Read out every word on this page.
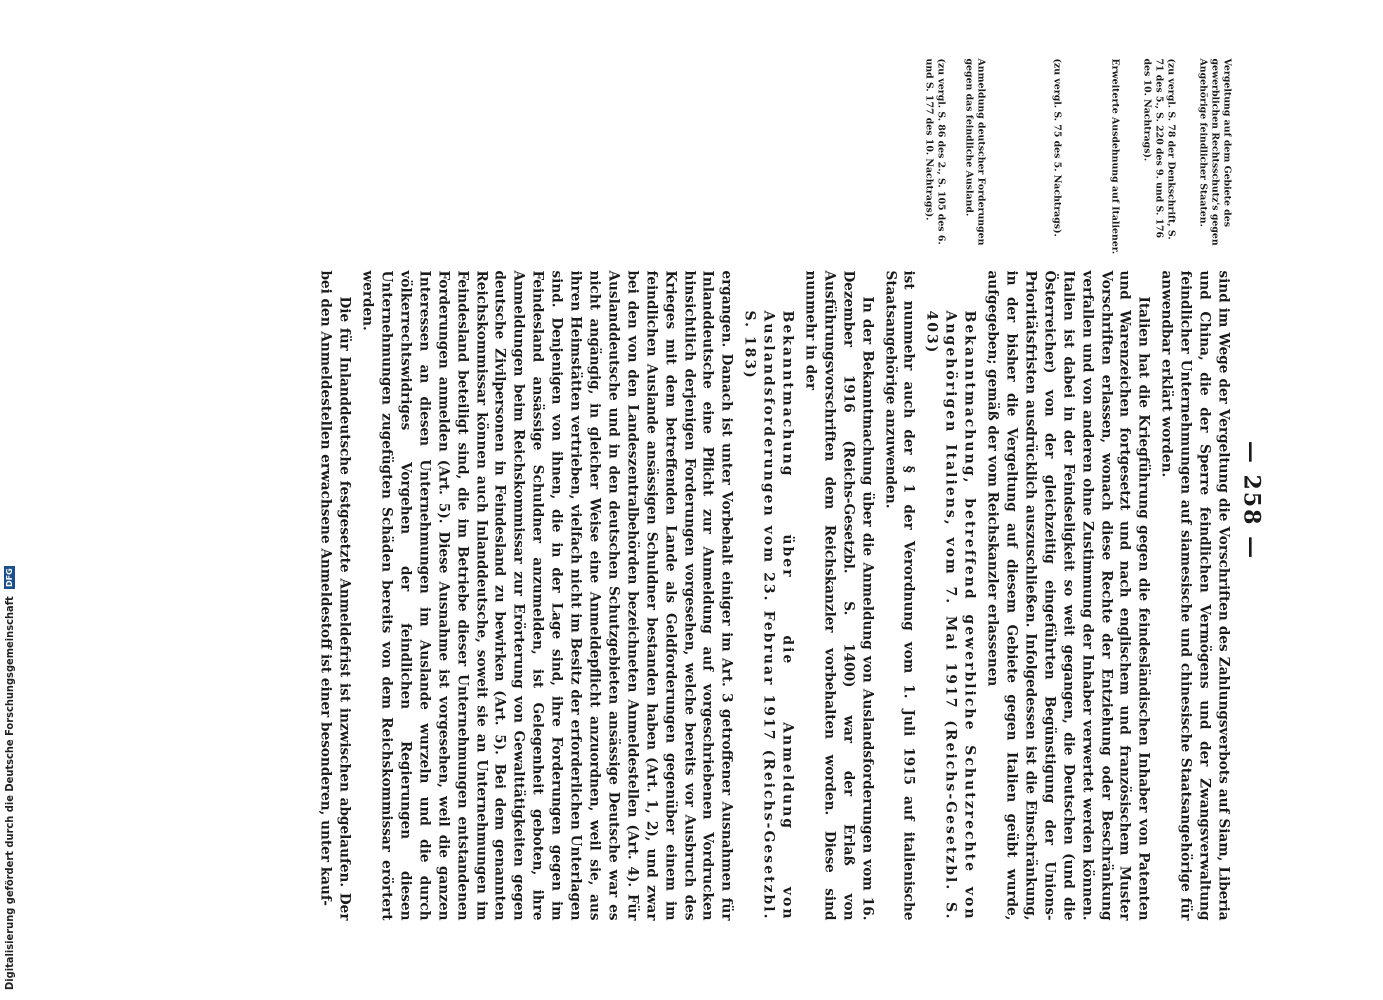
— 258 —

Vergeltung auf dem Gebiete des gewerblichen Rechtsschutz's gegen Angehörige feindlicher Staaten.

(zu vergl. S. 78 der Denkschrift, S. 71 des 5., S. 220 des 9. und S. 176 des 10. Nachtrags).

Erweiterte Ausdehnung auf Italiener.

(zu vergl. S. 75 des 5. Nachtrags).

Anmeldung deutscher Forderungen gegen das feindliche Ausland.

(zu vergl. S. 86 des 2., S. 105 des 6. und S. 177 des 10. Nachtrags).

sind im Wege der Vergeltung die Vorschriften des Zahlungsverbots auf Siam, Liberia und China, die der Sperre feindlichen Vermögens und der Zwangsverwaltung feindlicher Unternehmungen auf siamesische und chinesische Staatsangehörige für anwendbar erklärt worden.

Italien hat die Kriegführung gegen die feindesländischen Inhaber von Patenten und Warenzeichen fortgesetzt und nach englischem und französischem Muster Vorschriften erlassen, wonach diese Rechte der Entziehung oder Beschränkung verfallen und von anderen ohne Zustimmung der Inhaber verwertet werden können. Italien ist dabei in der Feindseligkeit so weit gegangen, die Deutschen (und die Österreicher) von der gleichzeitig eingeführten Begünstigung der Unions-Prioritätsfristen ausdrücklich auszuschließen. Infolgedessen ist die Einschränkung, in der bisher die Vergeltung auf diesem Gebiete gegen Italien geübt wurde, aufgegeben; gemäß der vom Reichskanzler erlassenen

Bekanntmachung, betreffend gewerbliche Schutzrechte von Angehörigen Italiens, vom 7. Mai 1917 (Reichs-Gesetzbl. S. 403)

ist nunmehr auch der § 1 der Verordnung vom 1. Juli 1915 auf italienische Staatsangehörige anzuwenden.

In der Bekanntmachung über die Anmeldung von Auslandsforderungen vom 16. Dezember 1916 (Reichs-Gesetzbl. S. 1400) war der Erlaß von Ausführungsvorschriften dem Reichskanzler vorbehalten worden. Diese sind nunmehr in der

Bekanntmachung über die Anmeldung von Auslandsforderungen vom 23. Februar 1917 (Reichs-Gesetzbl. S. 183)

ergangen. Danach ist unter Vorbehalt einiger im Art. 3 getroffener Ausnahmen für Inlanddeutsche eine Pflicht zur Anmeldung auf vorgeschriebenen Vordrucken hinsichtlich derjenigen Forderungen vorgesehen, welche bereits vor Ausbruch des Krieges mit dem betreffenden Lande als Geldforderungen gegenüber einem im feindlichen Auslande ansässigen Schuldner bestanden haben (Art. 1, 2), und zwar bei den von den Landeszentralbehörden bezeichneten Anmeldestellen (Art. 4). Für Auslanddeutsche und in den deutschen Schutzgebieten ansässige Deutsche war es nicht angängig, in gleicher Weise eine Anmeldepflicht anzuordnen, weil sie, aus ihren Heimstätten vertrieben, vielfach nicht im Besitz der erforderlichen Unterlagen sind. Denjenigen von ihnen, die in der Lage sind, ihre Forderungen gegen im Feindesland ansässige Schuldner anzumelden, ist Gelegenheit geboten, ihre Anmeldungen beim Reichskommissar zur Erörterung von Gewalttätigkeiten gegen deutsche Zivilpersonen in Feindesland zu bewirken (Art. 5). Bei dem genannten Reichskommissar können auch Inlanddeutsche, soweit sie an Unternehmungen im Feindesland beteiligt sind, die im Betriebe dieser Unternehmungen entstandenen Forderungen anmelden (Art. 5). Diese Ausnahme ist vorgesehen, weil die ganzen Interessen an diesen Unternehmungen im Auslande wurzeln und die durch völkerrechtswidriges Vorgehen der feindlichen Regierungen diesen Unternehmungen zugefügten Schäden bereits von dem Reichskommissar erörtert werden.

Die für Inlanddeutsche festgesetzte Anmeldefrist ist inzwischen abgelaufen. Der bei den Anmeldestellen erwachsene Anmeldestoff ist einer besonderen, unter kauf-

Digitalisierung gefördert durch die Deutsche Forschungsgemeinschaft DFG
